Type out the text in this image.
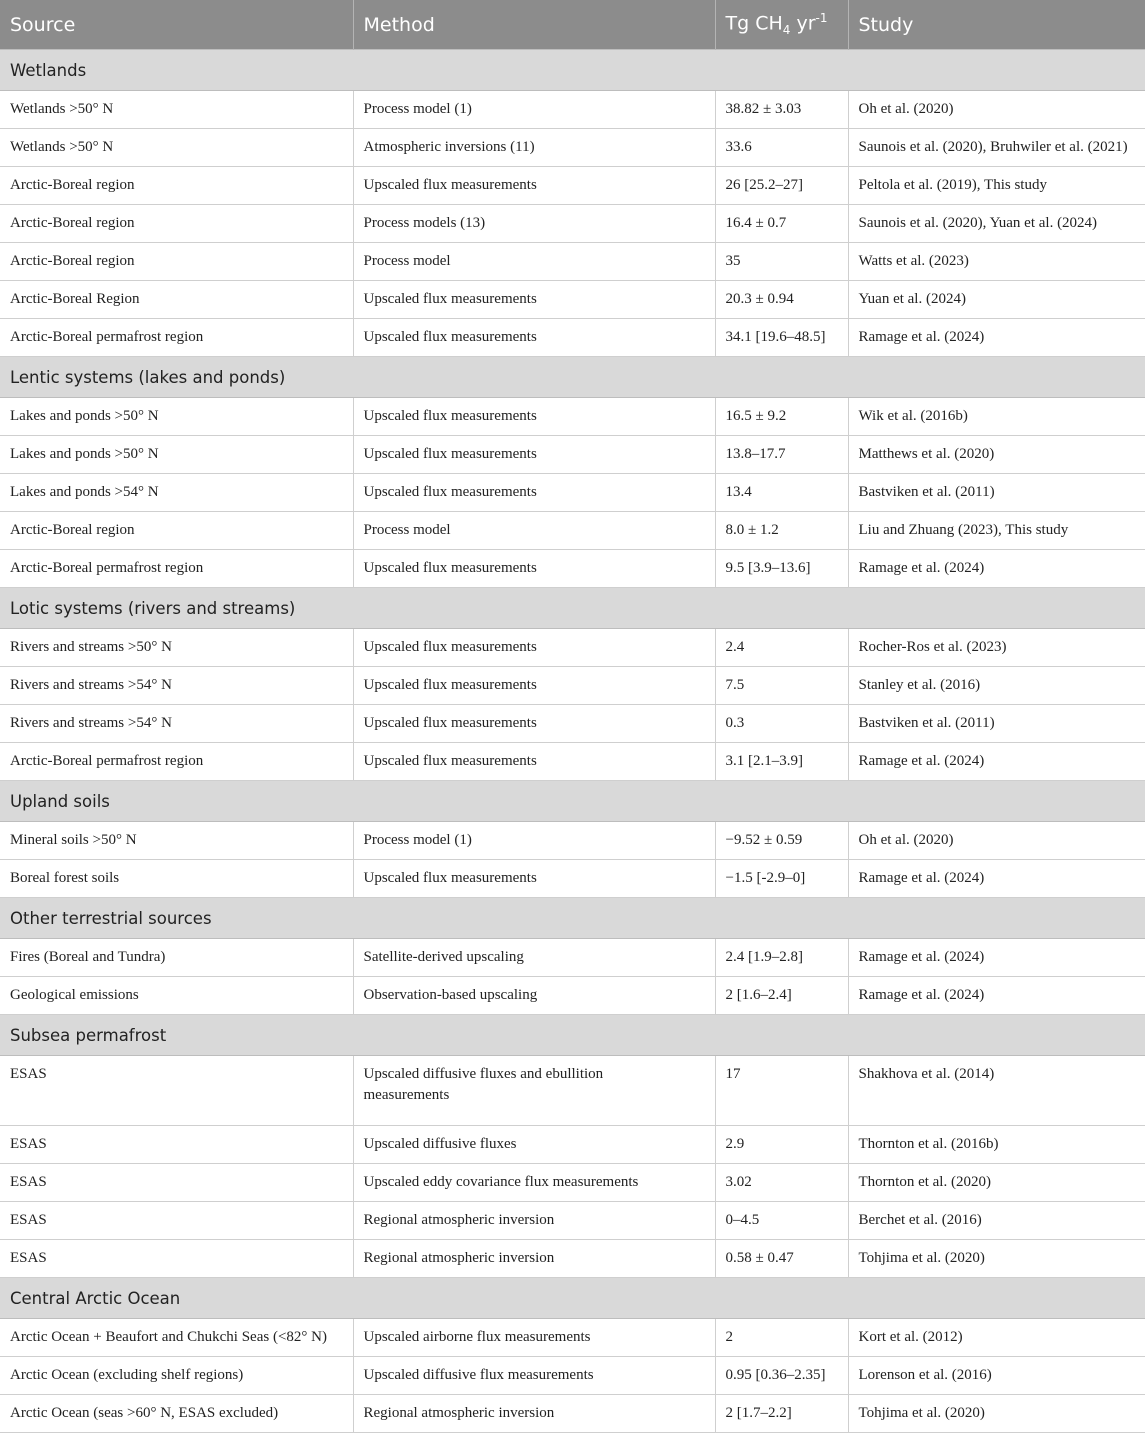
Source	Method	Tg $CH_4$ $yr^{-1}$	Study
Wetlands			
Wetlands >50° N	Process model (1)	38.82 ± 3.03	Oh et al. (2020)
Wetlands >50° N	Atmospheric inversions (11)	33.6	Saunois et al. (2020), Bruhwiler et al. (2021)
Arctic-Boreal region	Upscaled flux measurements	26 [25.2–27]	Peltola et al. (2019), This study
Arctic-Boreal region	Process models (13)	16.4 ± 0.7	Saunois et al. (2020), Yuan et al. (2024)
Arctic-Boreal region	Process model	35	Watts et al. (2023)
Arctic-Boreal Region	Upscaled flux measurements	20.3 ± 0.94	Yuan et al. (2024)
Arctic-Boreal permafrost region	Upscaled flux measurements	34.1 [19.6–48.5]	Ramage et al. (2024)
Lentic systems (lakes and ponds)			
Lakes and ponds >50° N	Upscaled flux measurements	16.5 ± 9.2	Wik et al. (2016b)
Lakes and ponds >50° N	Upscaled flux measurements	13.8–17.7	Matthews et al. (2020)
Lakes and ponds >54° N	Upscaled flux measurements	13.4	Bastviken et al. (2011)
Arctic-Boreal region	Process model	8.0 ± 1.2	Liu and Zhuang (2023), This study
Arctic-Boreal permafrost region	Upscaled flux measurements	9.5 [3.9–13.6]	Ramage et al. (2024)
Lotic systems (rivers and streams)			
Rivers and streams >50° N	Upscaled flux measurements	2.4	Rocher-Ros et al. (2023)
Rivers and streams >54° N	Upscaled flux measurements	7.5	Stanley et al. (2016)
Rivers and streams >54° N	Upscaled flux measurements	0.3	Bastviken et al. (2011)
Arctic-Boreal permafrost region	Upscaled flux measurements	3.1 [2.1–3.9]	Ramage et al. (2024)
Upland soils			
Mineral soils >50° N	Process model (1)	−9.52 ± 0.59	Oh et al. (2020)
Boreal forest soils	Upscaled flux measurements	−1.5 [-2.9–0]	Ramage et al. (2024)
Other terrestrial sources			
Fires (Boreal and Tundra)	Satellite-derived upscaling	2.4 [1.9–2.8]	Ramage et al. (2024)
Geological emissions	Observation-based upscaling	2 [1.6–2.4]	Ramage et al. (2024)
Subsea permafrost			
ESAS	Upscaled diffusive fluxes and ebullition measurements	17	Shakhova et al. (2014)
ESAS	Upscaled diffusive fluxes	2.9	Thornton et al. (2016b)
ESAS	Upscaled eddy covariance flux measurements	3.02	Thornton et al. (2020)
ESAS	Regional atmospheric inversion	0–4.5	Berchet et al. (2016)
ESAS	Regional atmospheric inversion	0.58 ± 0.47	Tohjima et al. (2020)
Central Arctic Ocean			
Arctic Ocean + Beaufort and Chukchi Seas (<82° N)	Upscaled airborne flux measurements	2	Kort et al. (2012)
Arctic Ocean (excluding shelf regions)	Upscaled diffusive flux measurements	0.95 [0.36–2.35]	Lorenson et al. (2016)
Arctic Ocean (seas >60° N, ESAS excluded)	Regional atmospheric inversion	2 [1.7–2.2]	Tohjima et al. (2020)
